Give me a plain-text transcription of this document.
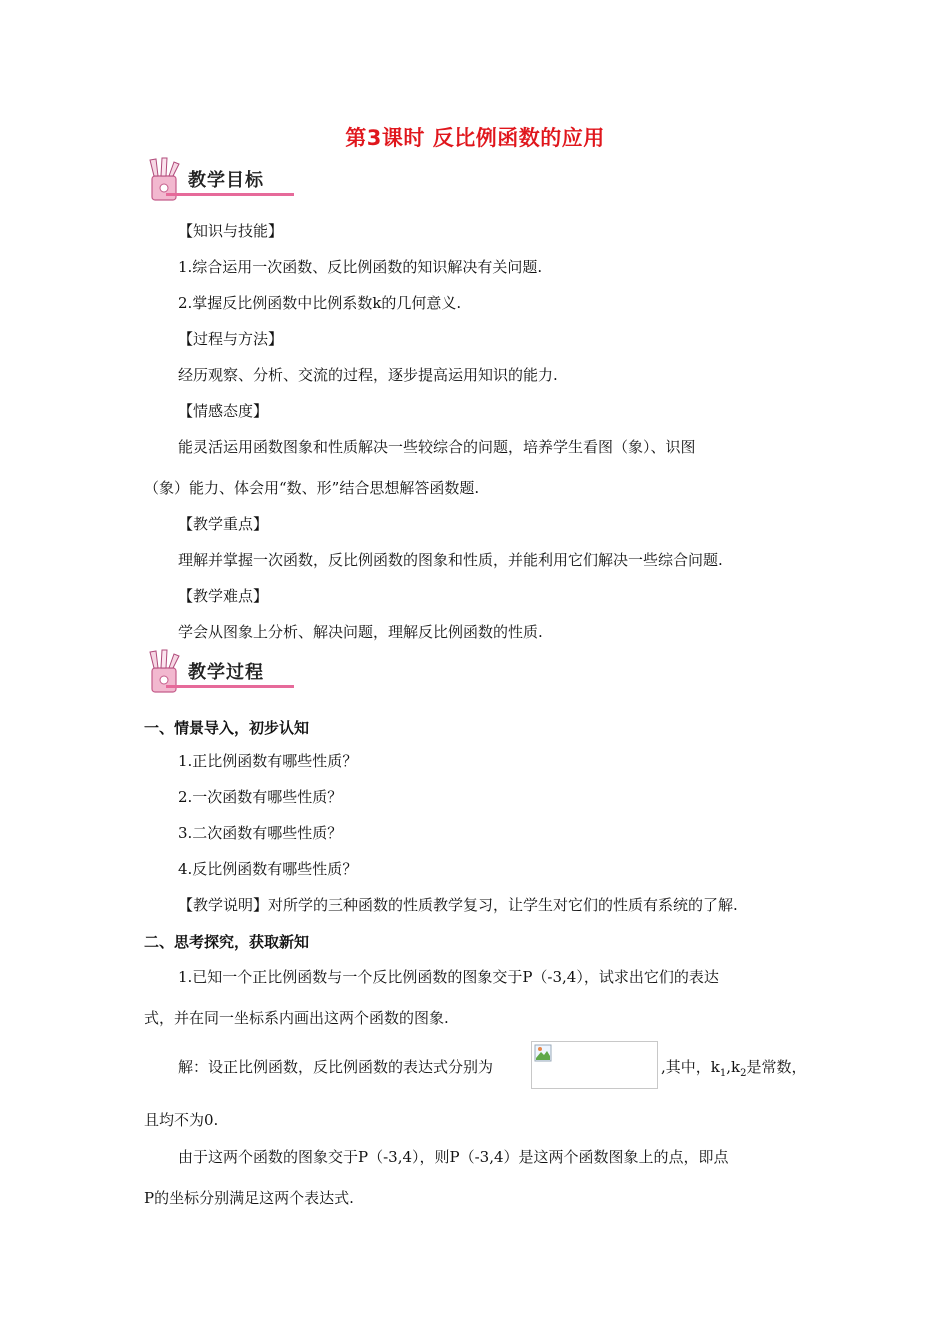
第3课时 反比例函数的应用
教学目标
【知识与技能】
1.综合运用一次函数、反比例函数的知识解决有关问题.
2.掌握反比例函数中比例系数k的几何意义.
【过程与方法】
经历观察、分析、交流的过程，逐步提高运用知识的能力.
【情感态度】
能灵活运用函数图象和性质解决一些较综合的问题，培养学生看图（象）、识图
（象）能力、体会用“数、形”结合思想解答函数题.
【教学重点】
理解并掌握一次函数，反比例函数的图象和性质，并能利用它们解决一些综合问题.
【教学难点】
学会从图象上分析、解决问题，理解反比例函数的性质.
教学过程
一、情景导入，初步认知
1.正比例函数有哪些性质？
2.一次函数有哪些性质？
3.二次函数有哪些性质？
4.反比例函数有哪些性质？
【教学说明】对所学的三种函数的性质教学复习，让学生对它们的性质有系统的了解.
二、思考探究，获取新知
1.已知一个正比例函数与一个反比例函数的图象交于P（-3,4），试求出它们的表达
式，并在同一坐标系内画出这两个函数的图象.
解：设正比例函数，反比例函数的表达式分别为	,其中，$k_1,k_2$是常数，
且均不为0.
由于这两个函数的图象交于P（-3,4），则P（-3,4）是这两个函数图象上的点，即点
P的坐标分别满足这两个表达式.
